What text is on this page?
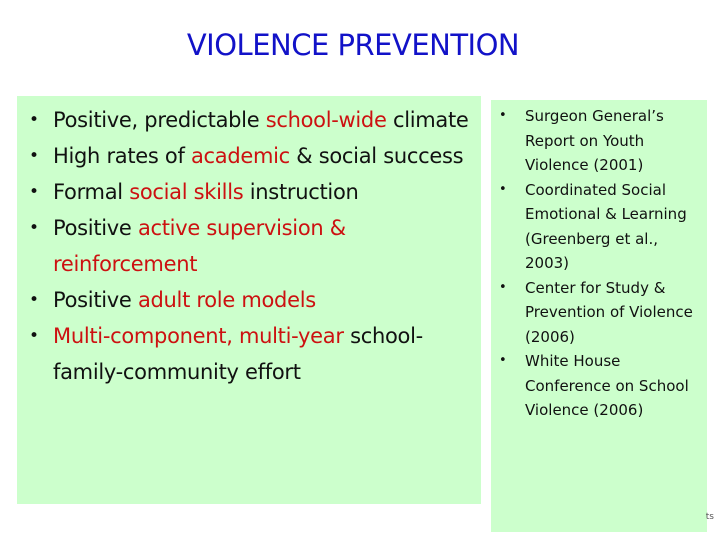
VIOLENCE PREVENTION
• Positive, predictable school-wide climate
• High rates of academic & social success
• Formal social skills instruction
• Positive active supervision & reinforcement
• Positive adult role models
• Multi-component, multi-year school-family-community effort
• Surgeon General’s Report on Youth Violence (2001)
• Coordinated Social Emotional & Learning (Greenberg et al., 2003)
• Center for Study & Prevention of Violence (2006)
• White House Conference on School Violence (2006)
ts
